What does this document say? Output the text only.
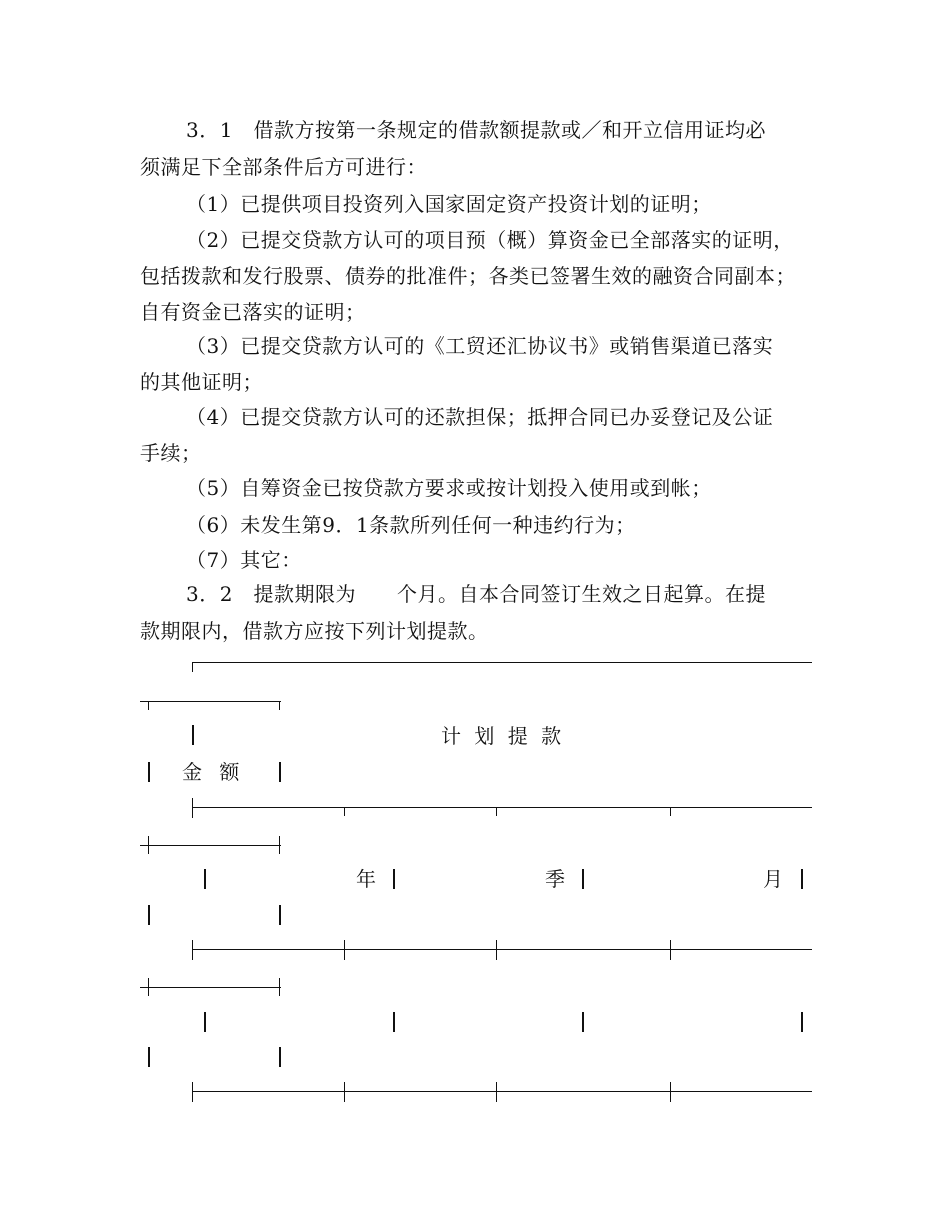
3．1　借款方按第一条规定的借款额提款或／和开立信用证均必
须满足下全部条件后方可进行：
（1）已提供项目投资列入国家固定资产投资计划的证明；
（2）已提交贷款方认可的项目预（概）算资金已全部落实的证明，
包括拨款和发行股票、债券的批准件；各类已签署生效的融资合同副本；
自有资金已落实的证明；
（3）已提交贷款方认可的《工贸还汇协议书》或销售渠道已落实
的其他证明；
（4）已提交贷款方认可的还款担保；抵押合同已办妥登记及公证
手续；
（5）自筹资金已按贷款方要求或按计划投入使用或到帐；
（6）未发生第9．1条款所列任何一种违约行为；
（7）其它：
3．2　提款期限为　　个月。自本合同签订生效之日起算。在提
款期限内，借款方应按下列计划提款。
计 划 提 款
金 额
年	季	月
